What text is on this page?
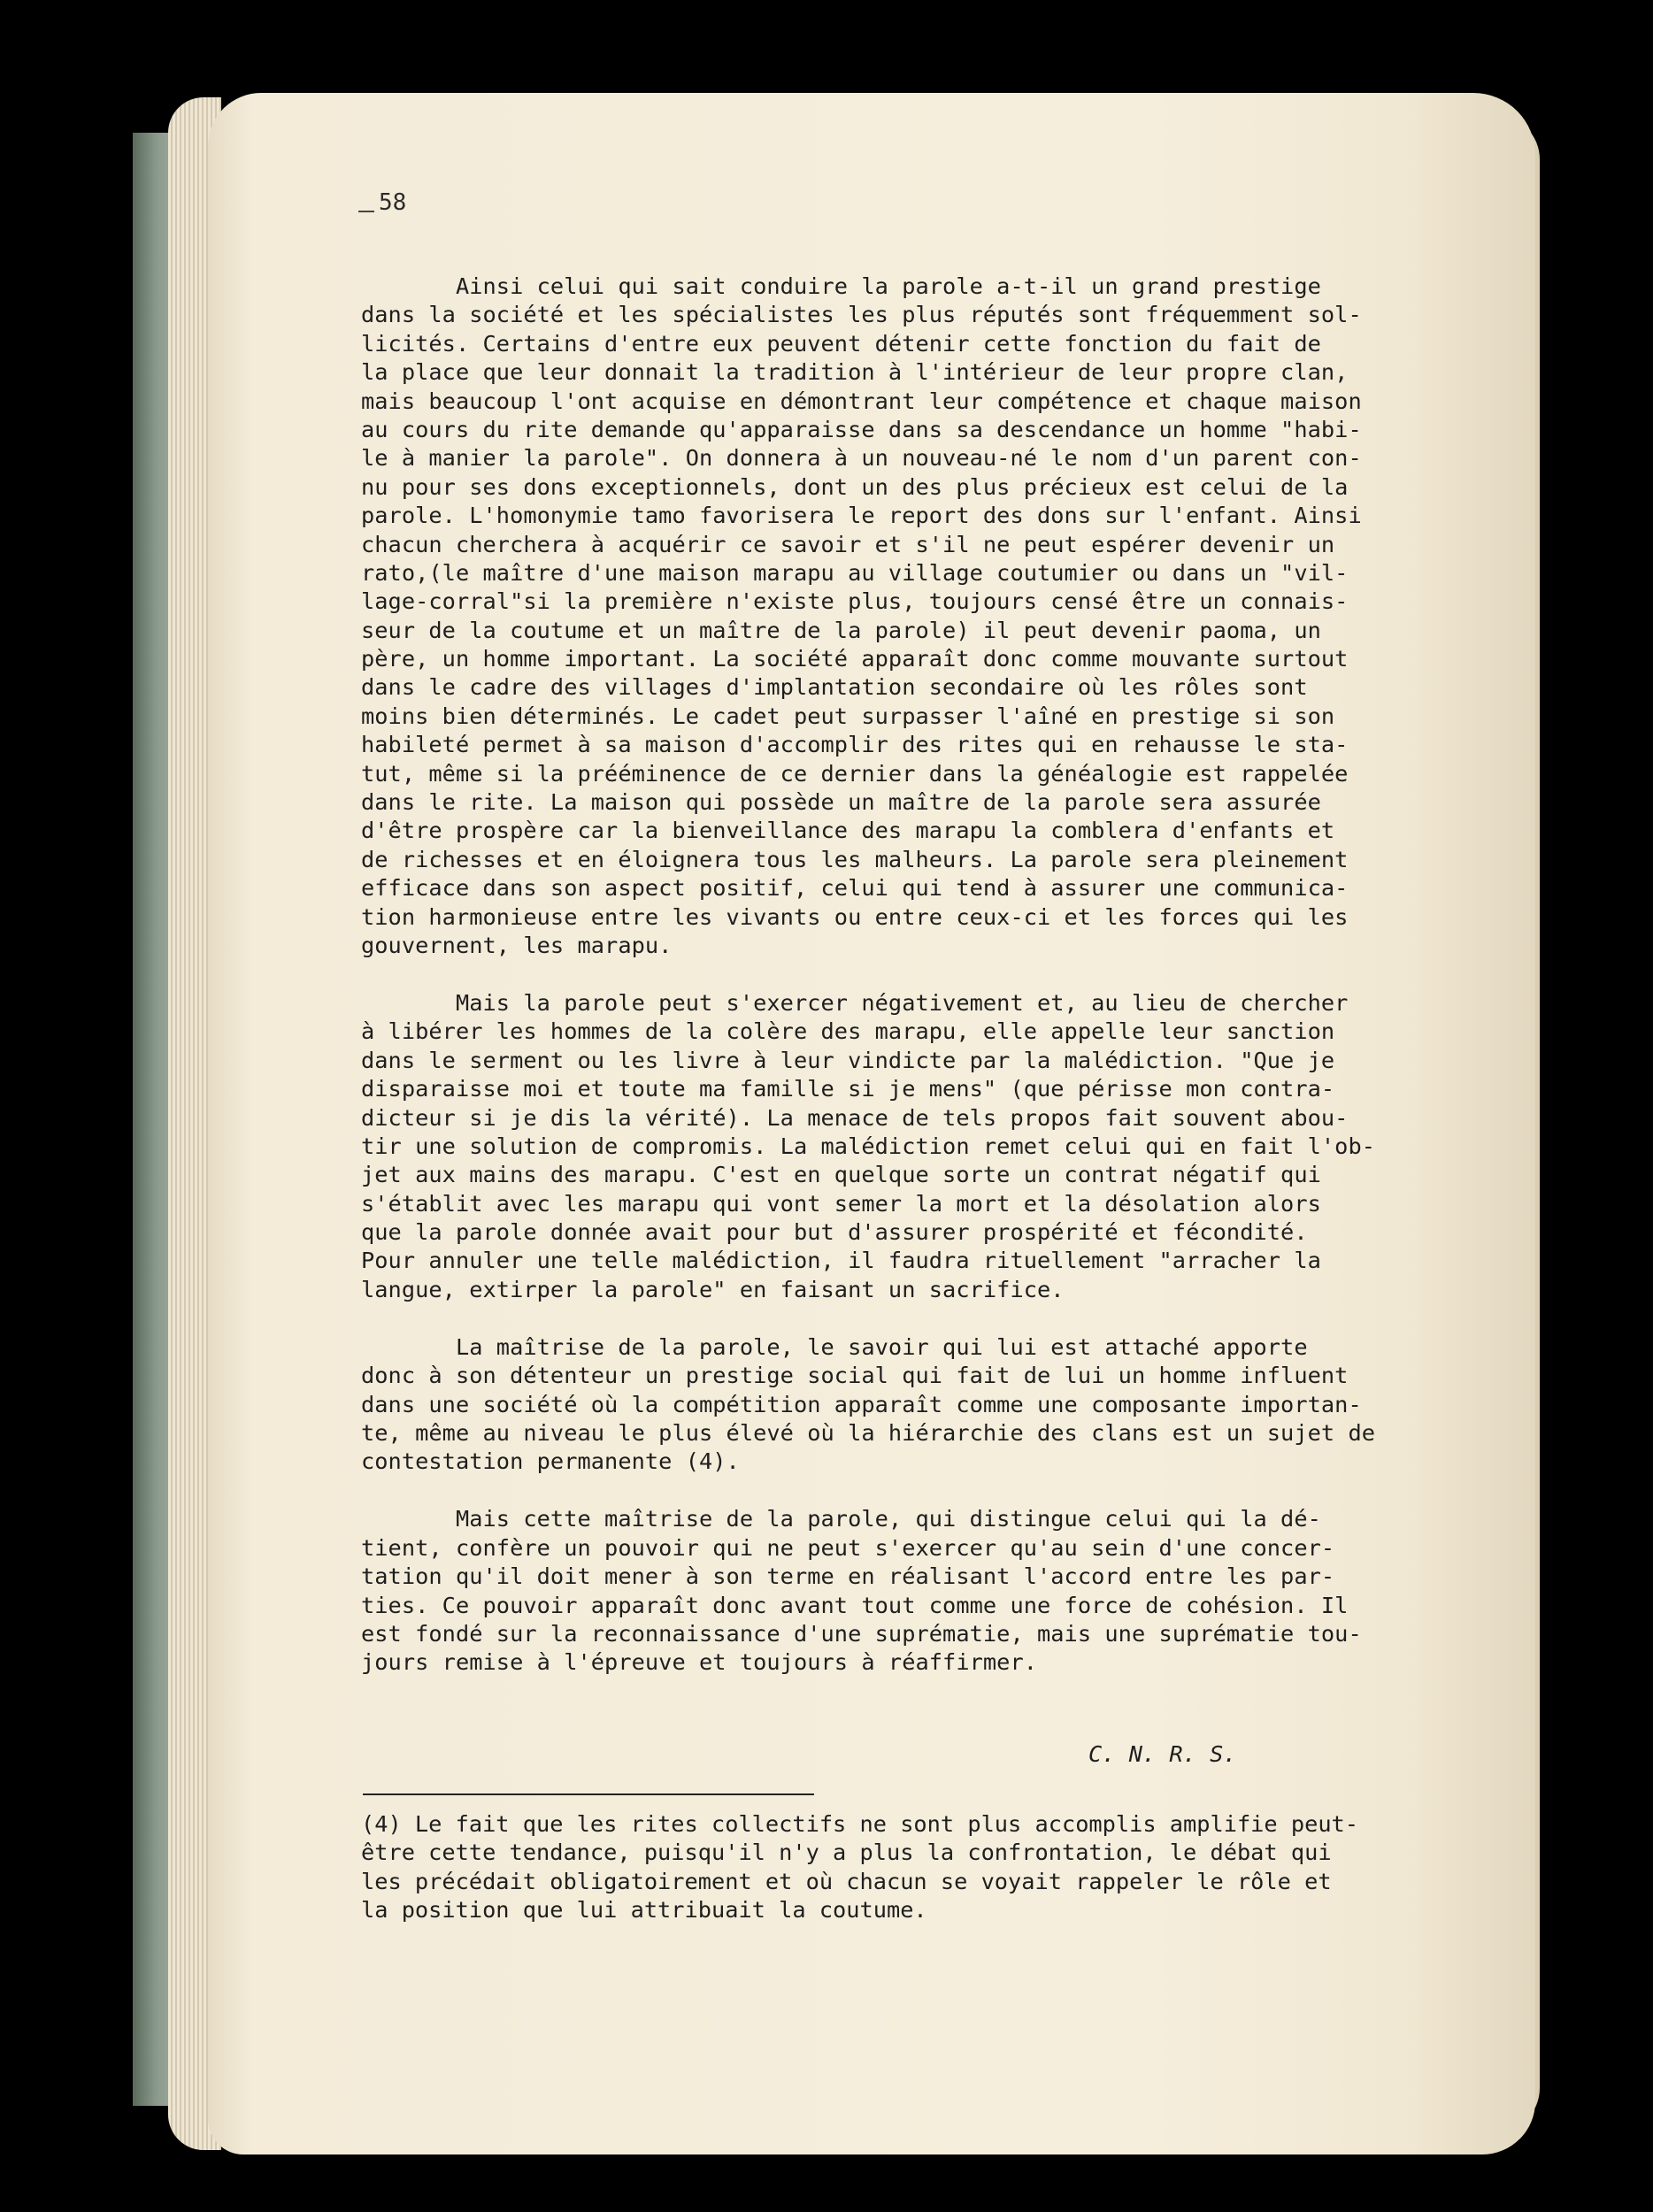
58
Ainsi celui qui sait conduire la parole a-t-il un grand prestige
dans la société et les spécialistes les plus réputés sont fréquemment sol-
licités. Certains d'entre eux peuvent détenir cette fonction du fait de
la place que leur donnait la tradition à l'intérieur de leur propre clan,
mais beaucoup l'ont acquise en démontrant leur compétence et chaque maison
au cours du rite demande qu'apparaisse dans sa descendance un homme "habi-
le à manier la parole". On donnera à un nouveau-né le nom d'un parent con-
nu pour ses dons exceptionnels, dont un des plus précieux est celui de la
parole. L'homonymie tamo favorisera le report des dons sur l'enfant. Ainsi
chacun cherchera à acquérir ce savoir et s'il ne peut espérer devenir un
rato,(le maître d'une maison marapu au village coutumier ou dans un "vil-
lage-corral"si la première n'existe plus, toujours censé être un connais-
seur de la coutume et un maître de la parole) il peut devenir paoma, un
père, un homme important. La société apparaît donc comme mouvante surtout
dans le cadre des villages d'implantation secondaire où les rôles sont
moins bien déterminés. Le cadet peut surpasser l'aîné en prestige si son
habileté permet à sa maison d'accomplir des rites qui en rehausse le sta-
tut, même si la prééminence de ce dernier dans la généalogie est rappelée
dans le rite. La maison qui possède un maître de la parole sera assurée
d'être prospère car la bienveillance des marapu la comblera d'enfants et
de richesses et en éloignera tous les malheurs. La parole sera pleinement
efficace dans son aspect positif, celui qui tend à assurer une communica-
tion harmonieuse entre les vivants ou entre ceux-ci et les forces qui les
gouvernent, les marapu.
Mais la parole peut s'exercer négativement et, au lieu de chercher
à libérer les hommes de la colère des marapu, elle appelle leur sanction
dans le serment ou les livre à leur vindicte par la malédiction. "Que je
disparaisse moi et toute ma famille si je mens" (que périsse mon contra-
dicteur si je dis la vérité). La menace de tels propos fait souvent abou-
tir une solution de compromis. La malédiction remet celui qui en fait l'ob-
jet aux mains des marapu. C'est en quelque sorte un contrat négatif qui
s'établit avec les marapu qui vont semer la mort et la désolation alors
que la parole donnée avait pour but d'assurer prospérité et fécondité.
Pour annuler une telle malédiction, il faudra rituellement "arracher la
langue, extirper la parole" en faisant un sacrifice.
La maîtrise de la parole, le savoir qui lui est attaché apporte
donc à son détenteur un prestige social qui fait de lui un homme influent
dans une société où la compétition apparaît comme une composante importan-
te, même au niveau le plus élevé où la hiérarchie des clans est un sujet de
contestation permanente (4).
Mais cette maîtrise de la parole, qui distingue celui qui la dé-
tient, confère un pouvoir qui ne peut s'exercer qu'au sein d'une concer-
tation qu'il doit mener à son terme en réalisant l'accord entre les par-
ties. Ce pouvoir apparaît donc avant tout comme une force de cohésion. Il
est fondé sur la reconnaissance d'une suprématie, mais une suprématie tou-
jours remise à l'épreuve et toujours à réaffirmer.
C. N. R. S.
(4) Le fait que les rites collectifs ne sont plus accomplis amplifie peut-
être cette tendance, puisqu'il n'y a plus la confrontation, le débat qui
les précédait obligatoirement et où chacun se voyait rappeler le rôle et
la position que lui attribuait la coutume.
